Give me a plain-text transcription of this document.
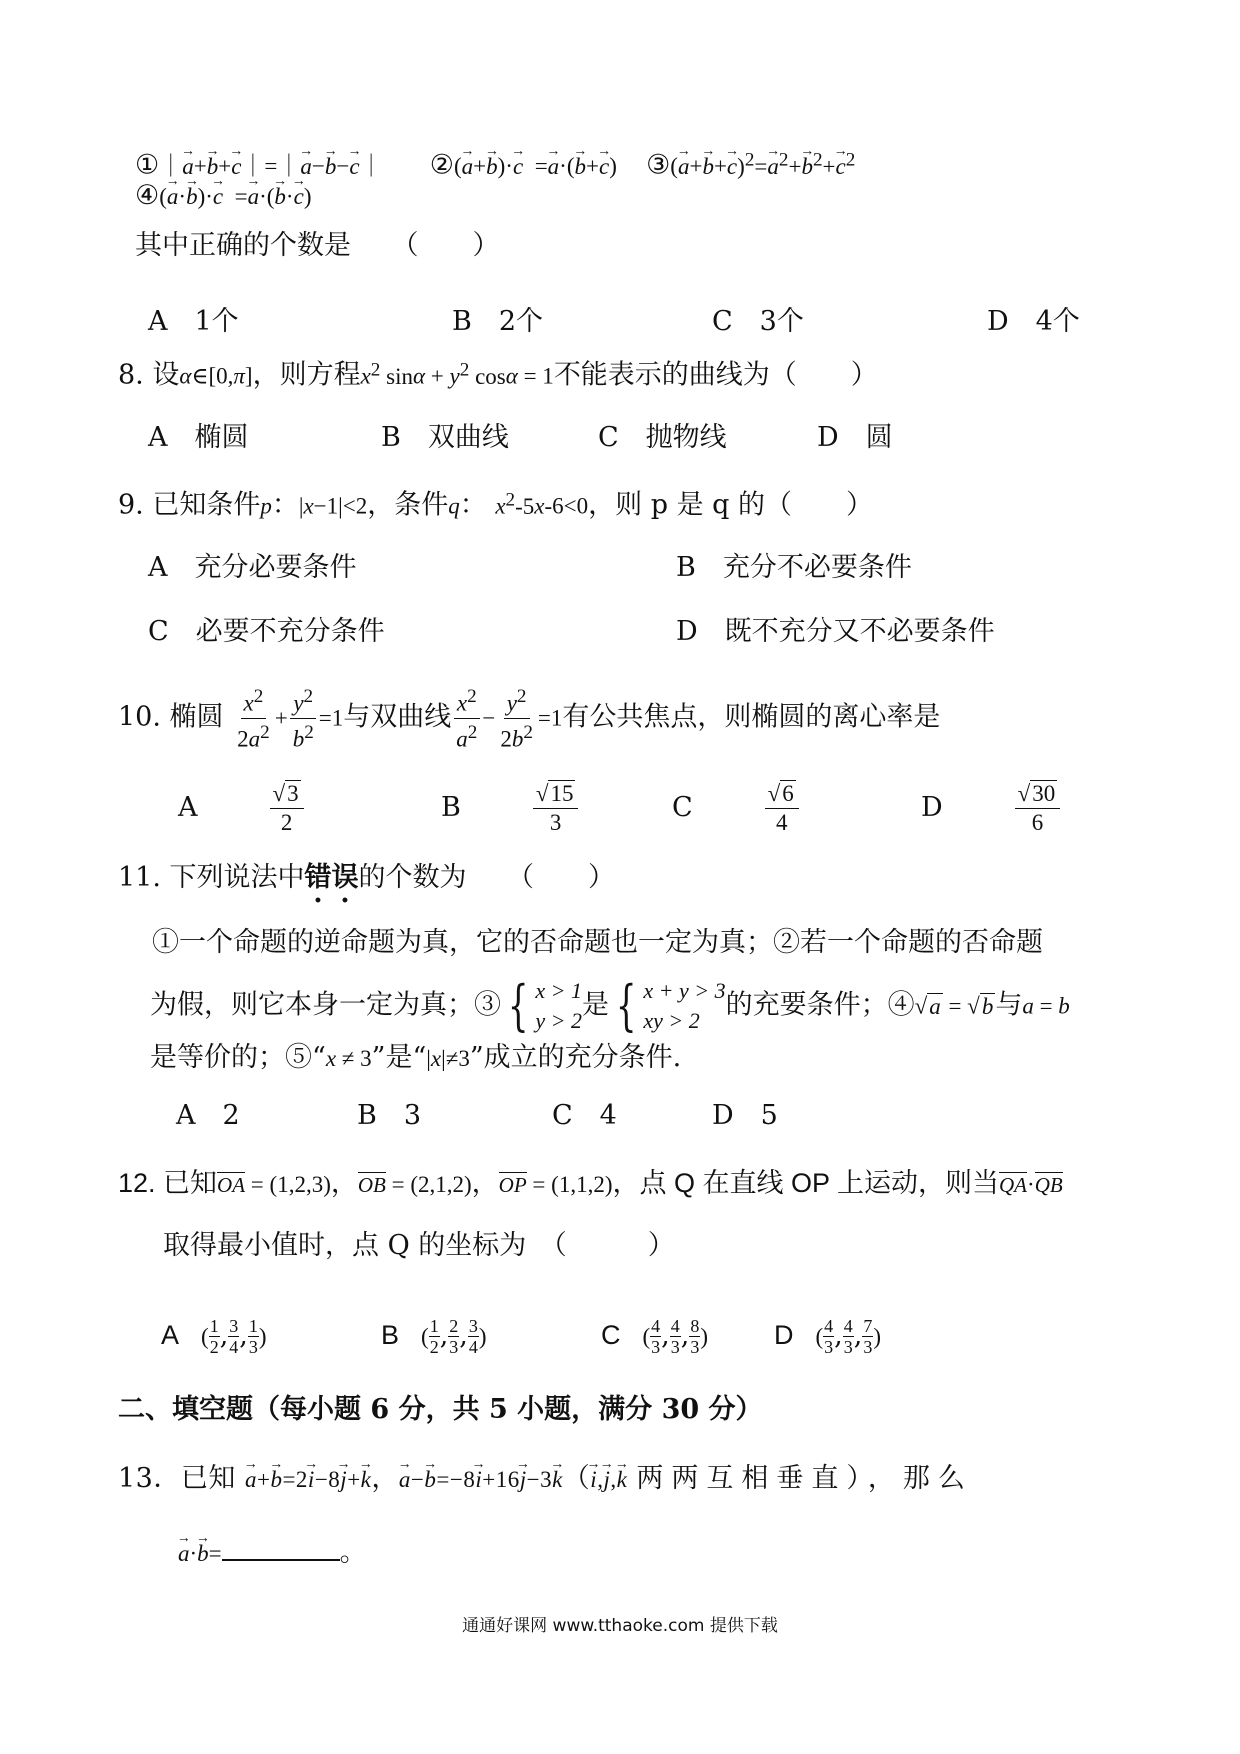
①｜→ a+→ b+→ c｜=｜→ a−→ b−→ c｜ ②(→ a+→ b)·→ c  =→ a·(→ b+→ c) ③(→ $a+\to b+\to c)^2=\to a^2+\to b^2+\to c^2$
④(→ a·→ b)·→ c  =→ a·(→ b·→ c)
其中正确的个数是　　（　　）
A　1个	B　2个	C　3个	D　4个
8. 设α∈[0,π]，则方程$x^2$ $\sin\alpha + y^2$ cosα = 1不能表示的曲线为（　　）
A　椭圆	B　双曲线	C　抛物线	D　圆
9. 已知条件p：|x−1|<2，条件q： $x^2-5x-6<0$，则 p 是 q 的（　　）
A　充分必要条件	B　充分不必要条件
C　必要不充分条件	D　既不充分又不必要条件
10. 椭圆 $\frac{x^2}{2a^2} + \frac{y^2}{b^2} =1$与双曲线 $\frac{x^2}{a^2} - \frac{y^2}{2b^2} =1$有公共焦点，则椭圆的离心率是
A	$\frac{√3}{2}$	B	$\frac{√15}{3}$	C	$\frac{√6}{4}$	D	$\frac{√30}{6}$
11. 下列说法中错误的个数为　　（　　）
①一个命题的逆命题为真，它的否命题也一定为真；②若一个命题的否命题
为假，则它本身一定为真；③ { x > 1
y > 2 是 { x + y > 3
xy > 2 的充要条件；④√a = √b与a = b
是等价的；⑤“x ≠ 3”是“|x|≠3”成立的充分条件.
A　2	B　3	C　4	D　5
12. 已知OA = (1,2,3)，OB = (2,1,2)，OP = (1,1,2)，点 Q 在直线 OP 上运动，则当QA·QB
取得最小值时，点 Q 的坐标为　（　　　）
A ( $\frac{1}{2}$ , $\frac{3}{4}$ , $\frac{1}{3}$ )	B ( $\frac{1}{2}$ , $\frac{2}{3}$ , $\frac{3}{4}$ )	C ( $\frac{4}{3}$ , $\frac{4}{3}$ , $\frac{8}{3}$ ) D ( $\frac{4}{3}$ , $\frac{4}{3}$ , $\frac{7}{3}$ )
二、填空题（每小题 6 分，共 5 小题，满分 30 分）
13．已知 → a+→ b=2→ i−8→ j+→ k，→ a−→ b=−8→ i+16→ j−3→ k（→ i,→ j,→ k 两两互相垂直），那么
→ a·→ b=	。
通通好课网 www.tthaoke.com 提供下载
